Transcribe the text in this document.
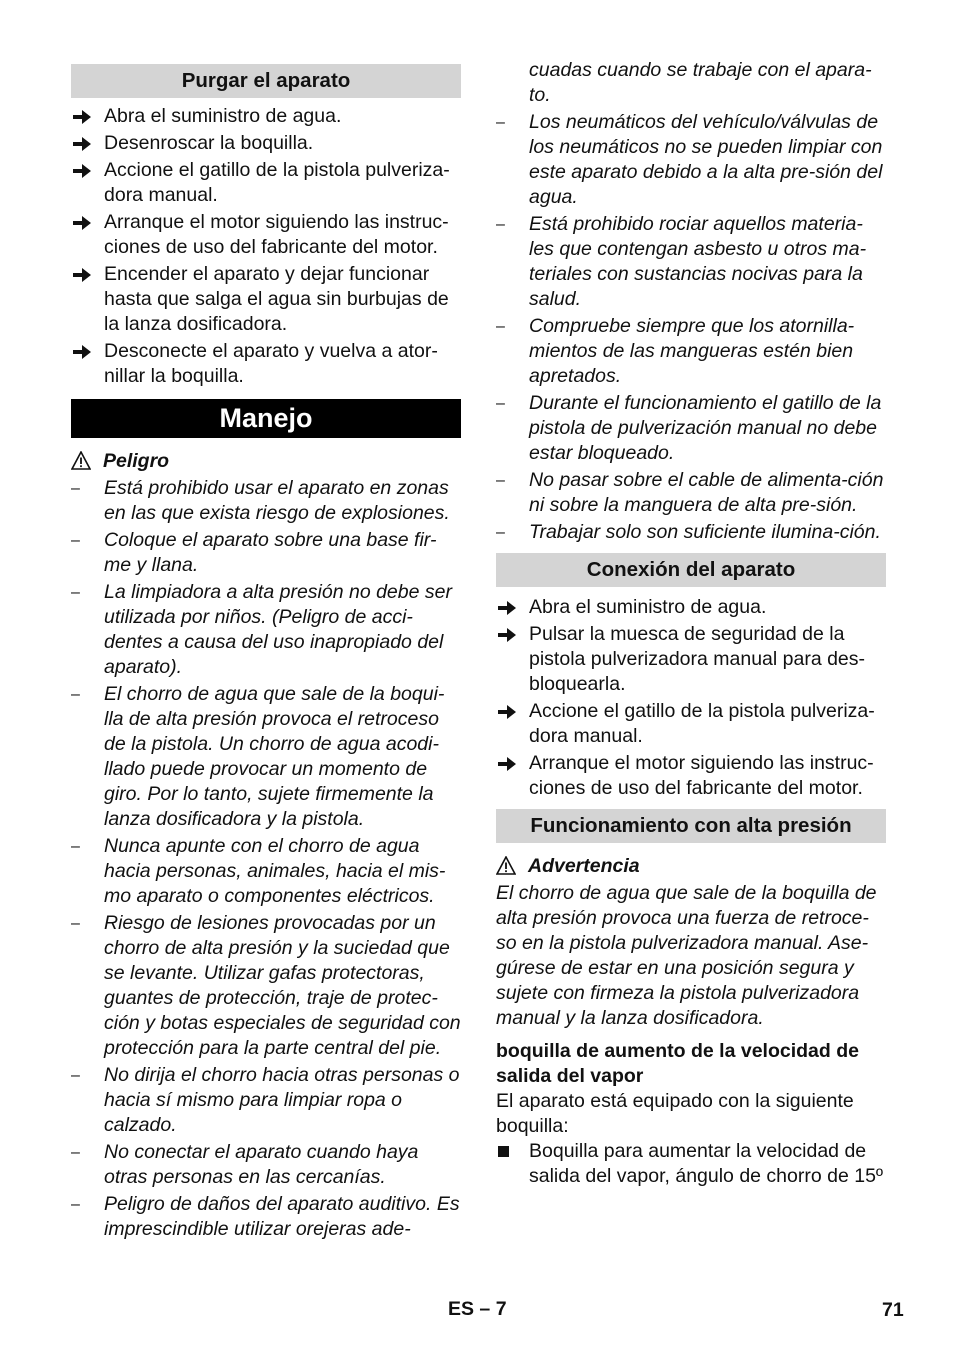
Purgar el aparato
Abra el suministro de agua.
Desenroscar la boquilla.
Accione el gatillo de la pistola pulveriza-dora manual.
Arranque el motor siguiendo las instruc-ciones de uso del fabricante del motor.
Encender el aparato y dejar funcionar hasta que salga el agua sin burbujas de la lanza dosificadora.
Desconecte el aparato y vuelva a ator-nillar la boquilla.
Manejo
Peligro
– Está prohibido usar el aparato en zonas en las que exista riesgo de explosiones.
– Coloque el aparato sobre una base fir-me y llana.
– La limpiadora a alta presión no debe ser utilizada por niños. (Peligro de acci-dentes a causa del uso inapropiado del aparato).
– El chorro de agua que sale de la boqui-lla de alta presión provoca el retroceso de la pistola. Un chorro de agua acodi-llado puede provocar un momento de giro. Por lo tanto, sujete firmemente la lanza dosificadora y la pistola.
– Nunca apunte con el chorro de agua hacia personas, animales, hacia el mis-mo aparato o componentes eléctricos.
– Riesgo de lesiones provocadas por un chorro de alta presión y la suciedad que se levante. Utilizar gafas protectoras, guantes de protección, traje de protec-ción y botas especiales de seguridad con protección para la parte central del pie.
– No dirija el chorro hacia otras personas o hacia sí mismo para limpiar ropa o calzado.
– No conectar el aparato cuando haya otras personas en las cercanías.
– Peligro de daños del aparato auditivo. Es imprescindible utilizar orejeras ade-
cuadas cuando se trabaje con el apara-to.
– Los neumáticos del vehículo/válvulas de los neumáticos no se pueden limpiar con este aparato debido a la alta pre-sión del agua.
– Está prohibido rociar aquellos materia-les que contengan asbesto u otros ma-teriales con sustancias nocivas para la salud.
– Compruebe siempre que los atornilla-mientos de las mangueras estén bien apretados.
– Durante el funcionamiento el gatillo de la pistola de pulverización manual no debe estar bloqueado.
– No pasar sobre el cable de alimenta-ción ni sobre la manguera de alta pre-sión.
– Trabajar solo son suficiente ilumina-ción.
Conexión del aparato
Abra el suministro de agua.
Pulsar la muesca de seguridad de la pistola pulverizadora manual para des-bloquearla.
Accione el gatillo de la pistola pulveriza-dora manual.
Arranque el motor siguiendo las instruc-ciones de uso del fabricante del motor.
Funcionamiento con alta presión
Advertencia
El chorro de agua que sale de la boquilla de alta presión provoca una fuerza de retroce-so en la pistola pulverizadora manual. Ase-gúrese de estar en una posición segura y sujete con firmeza la pistola pulverizadora manual y la lanza dosificadora.
boquilla de aumento de la velocidad de salida del vapor
El aparato está equipado con la siguiente boquilla:
Boquilla para aumentar la velocidad de salida del vapor, ángulo de chorro de 15º
ES – 7	71
